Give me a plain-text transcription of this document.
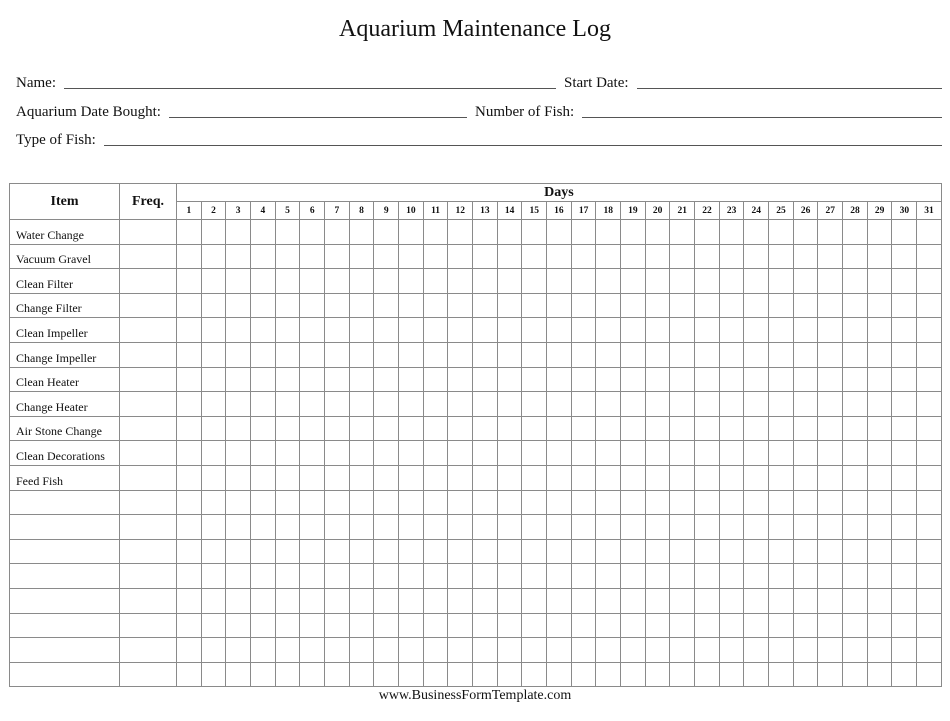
Aquarium Maintenance Log
Name:	Start Date:
Aquarium Date Bought:	Number of Fish:
Type of Fish:
Item	Freq.	Days																														
		1	2	3	4	5	6	7	8	9	10	11	12	13	14	15	16	17	18	19	20	21	22	23	24	25	26	27	28	29	30	31
Water Change																																
Vacuum Gravel																																
Clean Filter																																
Change Filter																																
Clean Impeller																																
Change Impeller																																
Clean Heater																																
Change Heater																																
Air Stone Change																																
Clean Decorations																																
Feed Fish																																

www.BusinessFormTemplate.com
